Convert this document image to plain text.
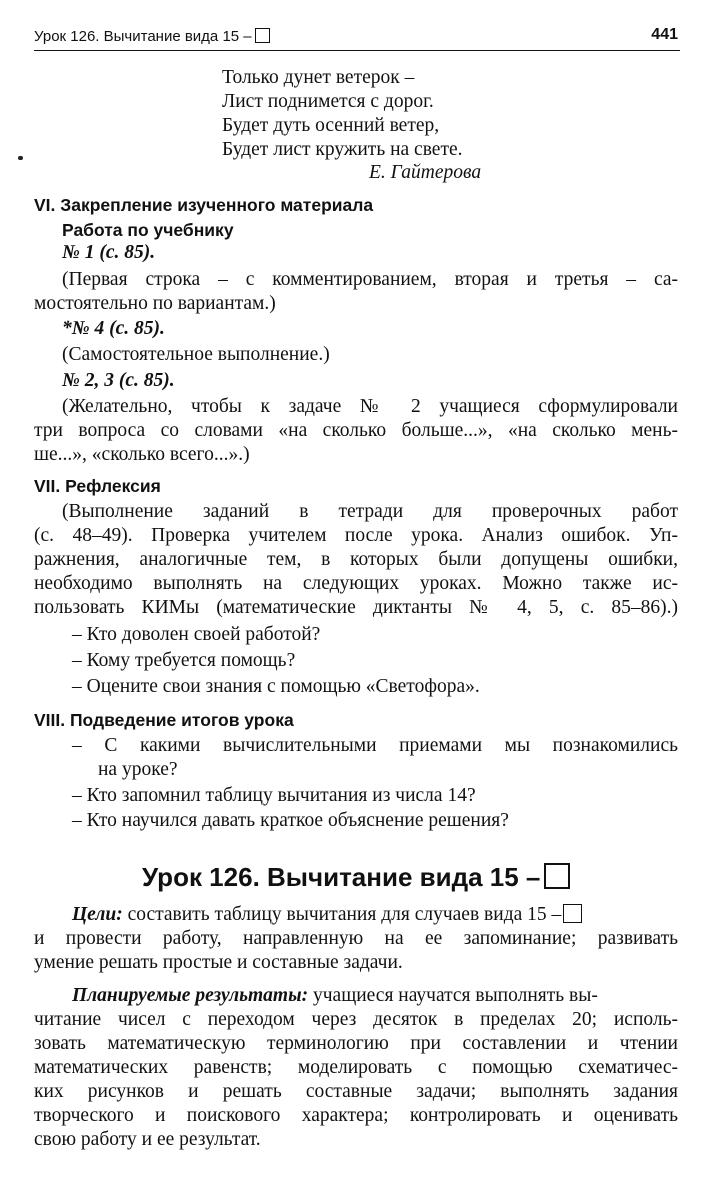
Урок 126. Вычитание вида 15 –	441
Только дунет ветерок –
Лист поднимется с дорог.
Будет дуть осенний ветер,
Будет лист кружить на свете.
Е. Гайтерова
VI. Закрепление изученного материала
Работа по учебнику
№ 1 (с. 85).
(Первая строка – с комментированием, вторая и третья – са-
мостоятельно по вариантам.)
*№ 4 (с. 85).
(Самостоятельное выполнение.)
№ 2, 3 (с. 85).
(Желательно, чтобы к задаче № 2 учащиеся сформулировали
три вопроса со словами «на сколько больше...», «на сколько мень-
ше...», «сколько всего...».)
VII. Рефлексия
(Выполнение заданий в тетради для проверочных работ
(с. 48–49). Проверка учителем после урока. Анализ ошибок. Уп-
ражнения, аналогичные тем, в которых были допущены ошибки,
необходимо выполнять на следующих уроках. Можно также ис-
пользовать КИМы (математические диктанты № 4, 5, с. 85–86).)
– Кто доволен своей работой?
– Кому требуется помощь?
– Оцените свои знания с помощью «Светофора».
VIII. Подведение итогов урока
– С какими вычислительными приемами мы познакомились
на уроке?
– Кто запомнил таблицу вычитания из числа 14?
– Кто научился давать краткое объяснение решения?
Урок 126. Вычитание вида 15 –
Цели: составить таблицу вычитания для случаев вида 15 –
и провести работу, направленную на ее запоминание; развивать
умение решать простые и составные задачи.
Планируемые результаты: учащиеся научатся выполнять вы-
читание чисел с переходом через десяток в пределах 20; исполь-
зовать математическую терминологию при составлении и чтении
математических равенств; моделировать с помощью схематичес-
ких рисунков и решать составные задачи; выполнять задания
творческого и поискового характера; контролировать и оценивать
свою работу и ее результат.
